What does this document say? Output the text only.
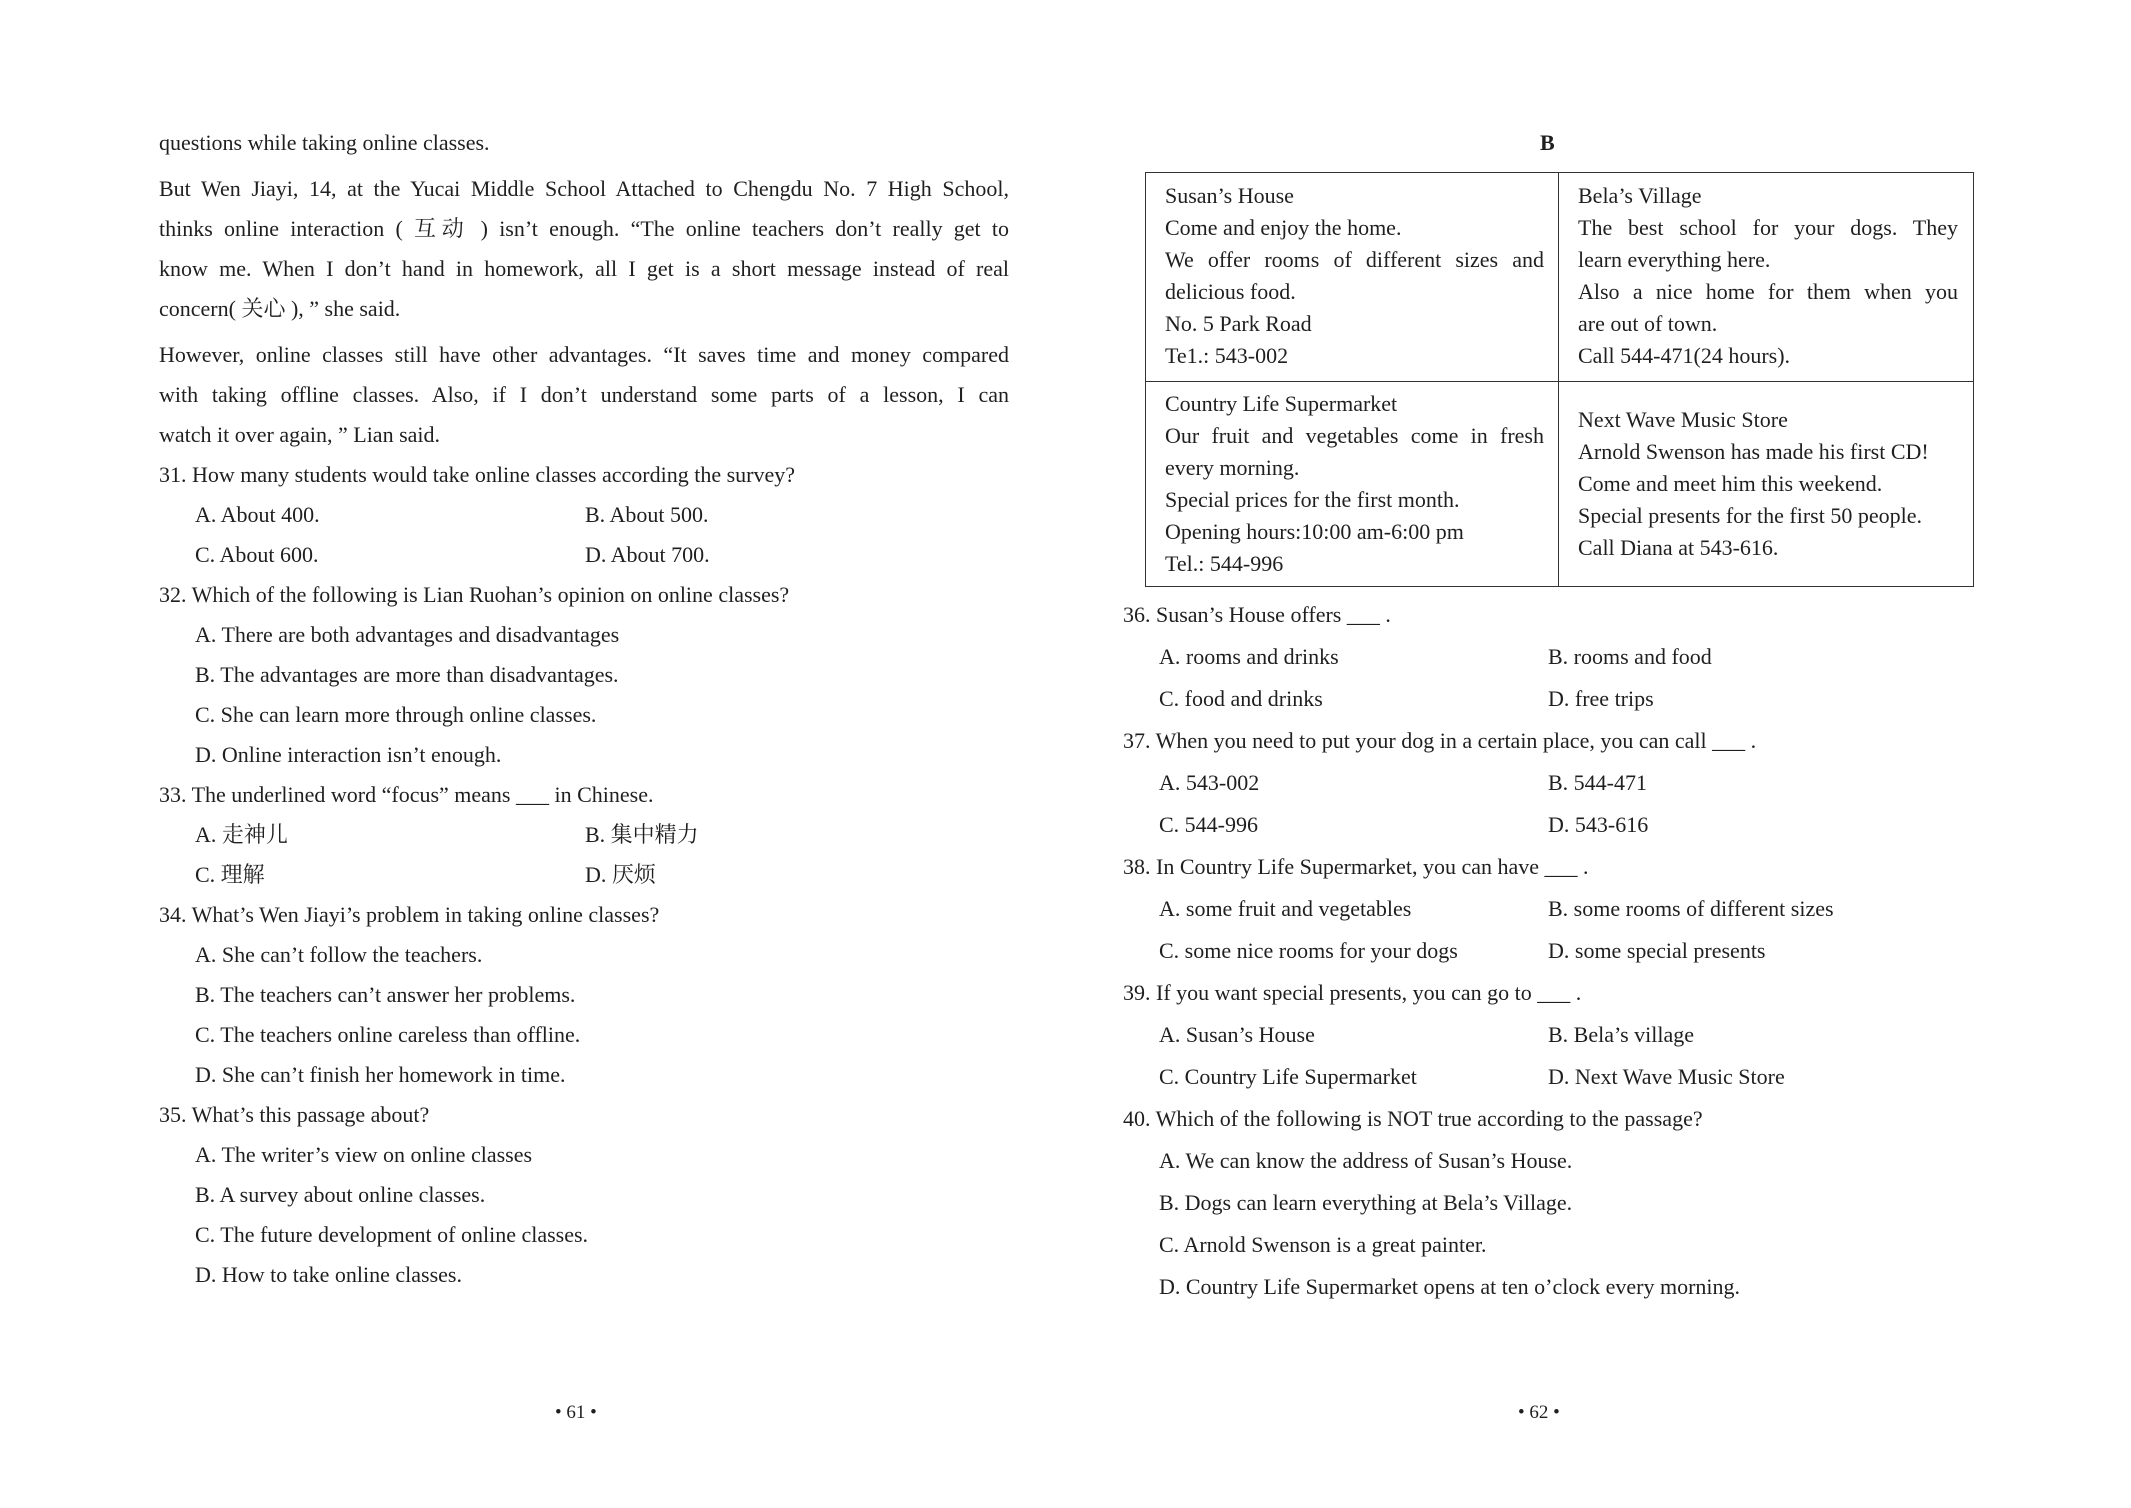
questions while taking online classes.
But Wen Jiayi, 14, at the Yucai Middle School Attached to Chengdu No. 7 High School,
thinks online interaction ( 互动 ) isn’t enough. “The online teachers don’t really get to
know me. When I don’t hand in homework, all I get is a short message instead of real
concern( 关心 ), ” she said.
However, online classes still have other advantages. “It saves time and money compared
with taking offline classes. Also, if I don’t understand some parts of a lesson, I can
watch it over again, ” Lian said.
31. How many students would take online classes according the survey?
A. About 400.	B. About 500.
C. About 600.	D. About 700.
32. Which of the following is Lian Ruohan’s opinion on online classes?
A. There are both advantages and disadvantages
B. The advantages are more than disadvantages.
C. She can learn more through online classes.
D. Online interaction isn’t enough.
33. The underlined word “focus” means ___ in Chinese.
A. 走神儿	B. 集中精力
C. 理解	D. 厌烦
34. What’s Wen Jiayi’s problem in taking online classes?
A. She can’t follow the teachers.
B. The teachers can’t answer her problems.
C. The teachers online careless than offline.
D. She can’t finish her homework in time.
35. What’s this passage about?
A. The writer’s view on online classes
B. A survey about online classes.
C. The future development of online classes.
D. How to take online classes.
• 61 •
B
Susan’s House
Come and enjoy the home.
We offer rooms of different sizes and
delicious food.
No. 5 Park Road
Te1.: 543-002
Bela’s Village
The best school for your dogs. They
learn everything here.
Also a nice home for them when you
are out of town.
Call 544-471(24 hours).
Country Life Supermarket
Our fruit and vegetables come in fresh
every morning.
Special prices for the first month.
Opening hours:10:00 am-6:00 pm
Tel.: 544-996
Next Wave Music Store
Arnold Swenson has made his first CD!
Come and meet him this weekend.
Special presents for the first 50 people.
Call Diana at 543-616.
36. Susan’s House offers ___ .
A. rooms and drinks	B. rooms and food
C. food and drinks	D. free trips
37. When you need to put your dog in a certain place, you can call ___ .
A. 543-002	B. 544-471
C. 544-996	D. 543-616
38. In Country Life Supermarket, you can have ___ .
A. some fruit and vegetables	B. some rooms of different sizes
C. some nice rooms for your dogs	D. some special presents
39. If you want special presents, you can go to ___ .
A. Susan’s House	B. Bela’s village
C. Country Life Supermarket	D. Next Wave Music Store
40. Which of the following is NOT true according to the passage?
A. We can know the address of Susan’s House.
B. Dogs can learn everything at Bela’s Village.
C. Arnold Swenson is a great painter.
D. Country Life Supermarket opens at ten o’clock every morning.
• 62 •
